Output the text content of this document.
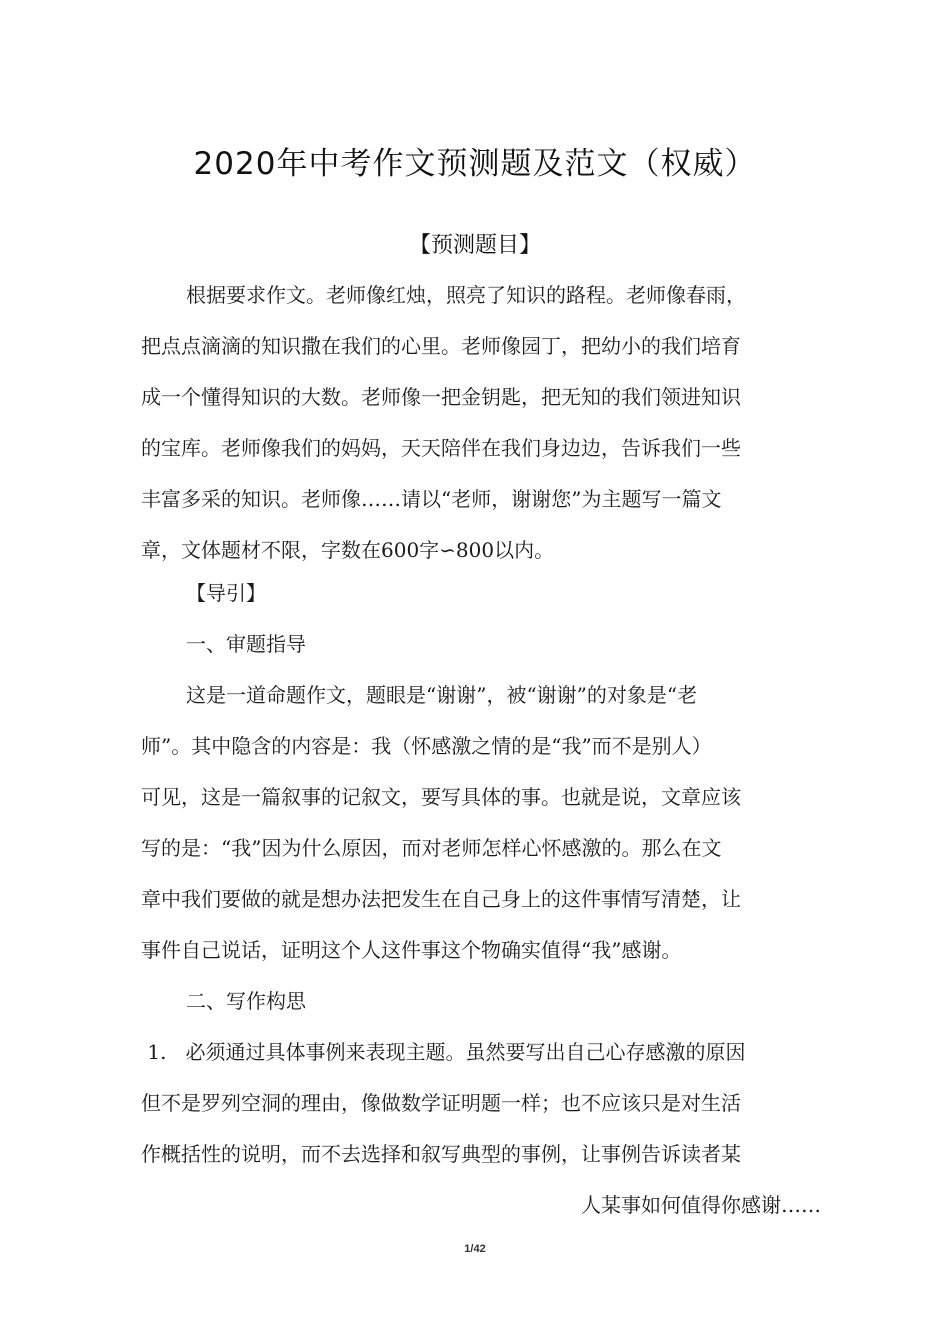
2020年中考作文预测题及范文（权威）
【预测题目】

根据要求作文。老师像红烛，照亮了知识的路程。老师像春雨，

把点点滴滴的知识撒在我们的心里。老师像园丁，把幼小的我们培育

成一个懂得知识的大数。老师像一把金钥匙，把无知的我们领进知识

的宝库。老师像我们的妈妈，天天陪伴在我们身边边，告诉我们一些

丰富多采的知识。老师像……请以“老师，谢谢您”为主题写一篇文

章，文体题材不限，字数在600字∽800以内。

【导引】

一、审题指导

这是一道命题作文，题眼是“谢谢”，被“谢谢”的对象是“老

师”。其中隐含的内容是：我（怀感激之情的是“我”而不是别人）

可见，这是一篇叙事的记叙文，要写具体的事。也就是说，文章应该

写的是：“我”因为什么原因，而对老师怎样心怀感激的。那么在文

章中我们要做的就是想办法把发生在自己身上的这件事情写清楚，让

事件自己说话，证明这个人这件事这个物确实值得“我”感谢。

二、写作构思

1.   必须通过具体事例来表现主题。虽然要写出自己心存感激的原因

但不是罗列空洞的理由，像做数学证明题一样；也不应该只是对生活

作概括性的说明，而不去选择和叙写典型的事例，让事例告诉读者某

人某事如何值得你感谢……

1/42
